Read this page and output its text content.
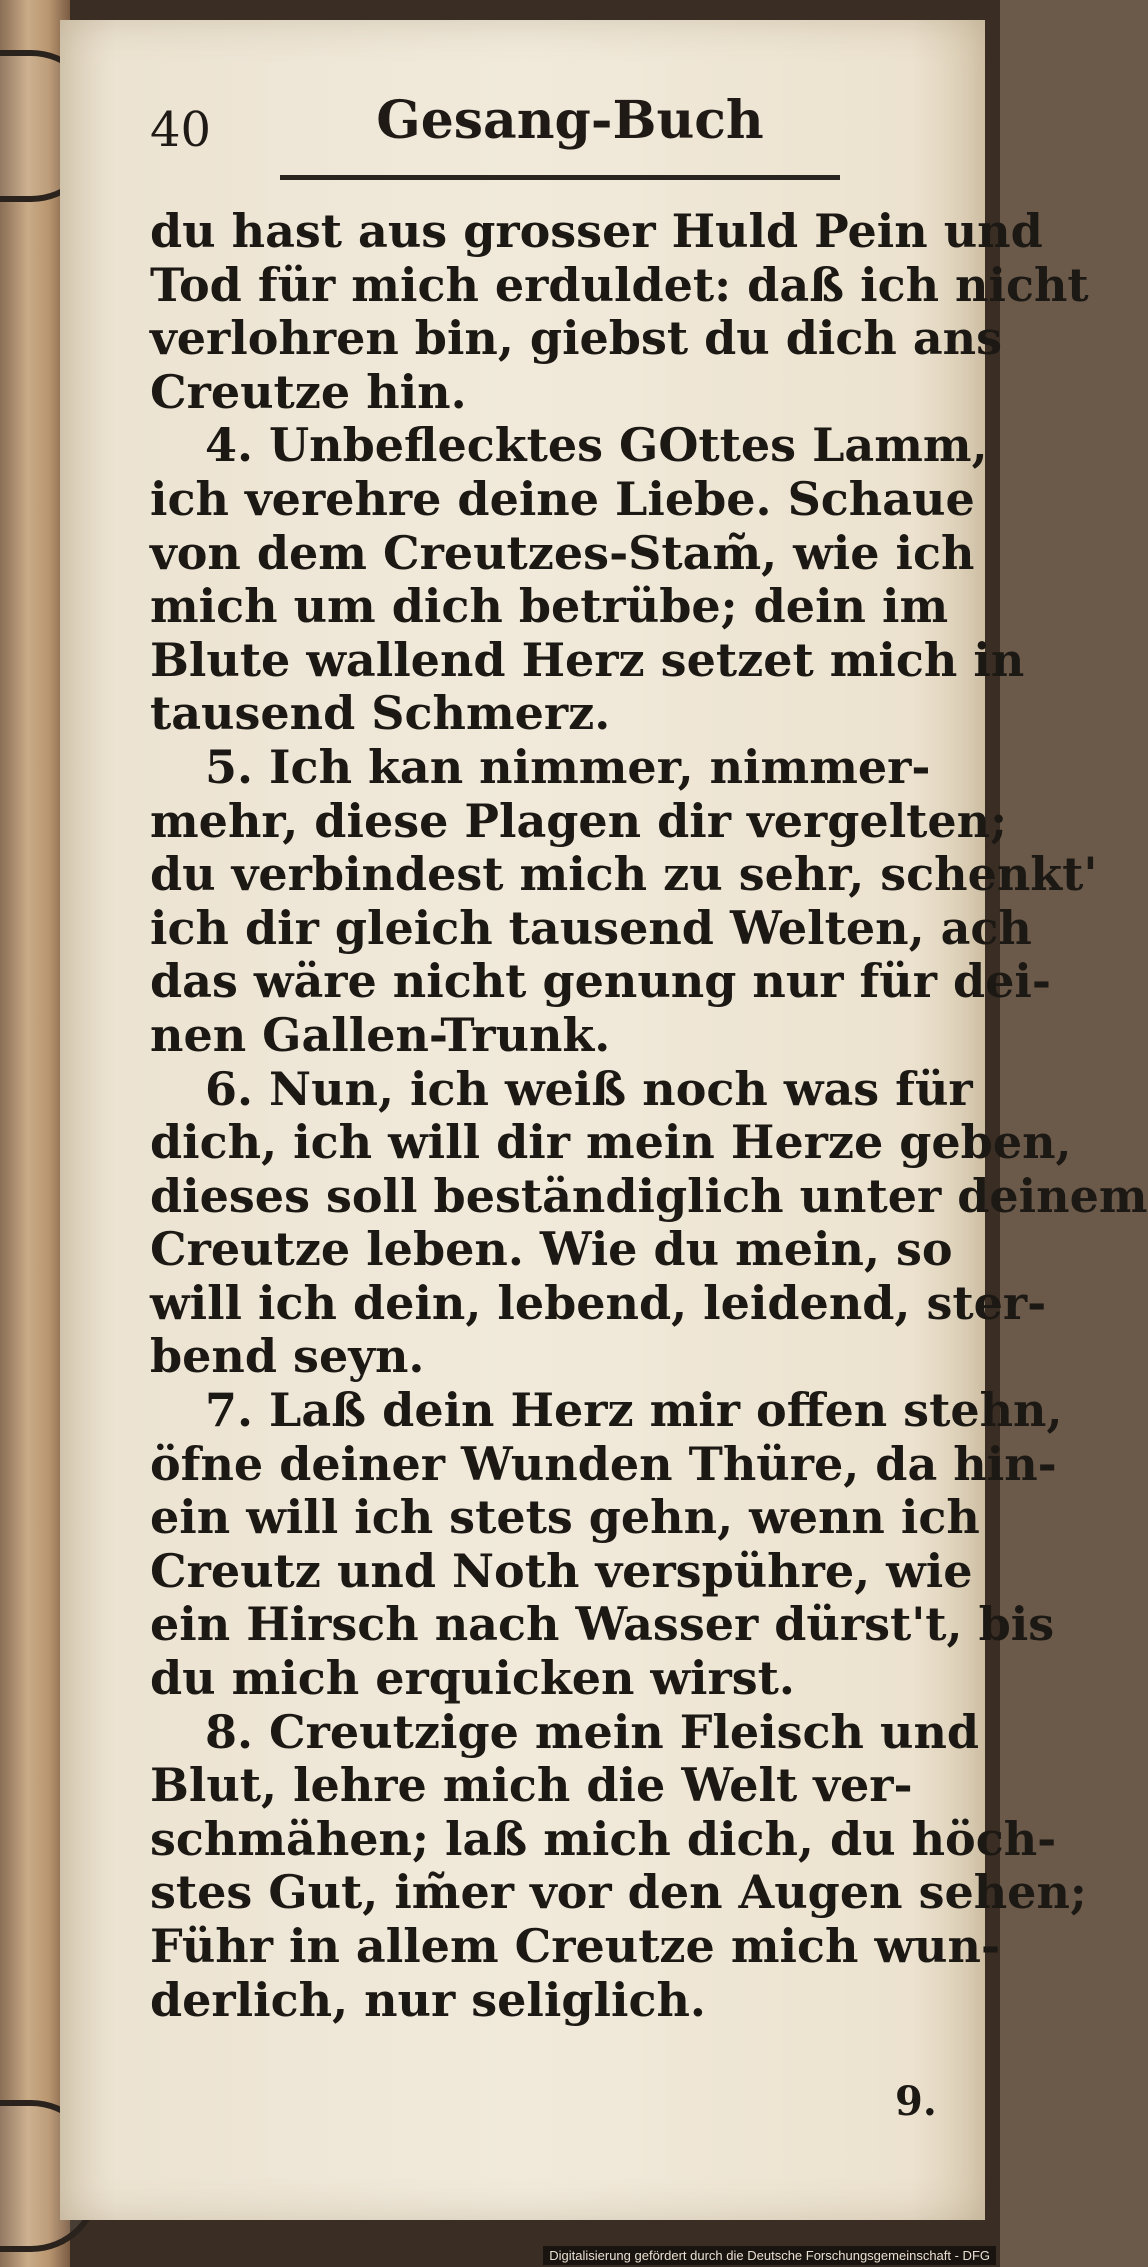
40	Gesang-Buch
du hast aus grosser Huld Pein und
Tod für mich erduldet: daß ich nicht
verlohren bin, giebst du dich ans
Creutze hin.
4. Unbeflecktes GOttes Lamm,
ich verehre deine Liebe. Schaue
von dem Creutzes-Stam̃, wie ich
mich um dich betrübe; dein im
Blute wallend Herz setzet mich in
tausend Schmerz.
5. Ich kan nimmer, nimmer-
mehr, diese Plagen dir vergelten;
du verbindest mich zu sehr, schenkt'
ich dir gleich tausend Welten, ach
das wäre nicht genung nur für dei-
nen Gallen-Trunk.
6. Nun, ich weiß noch was für
dich, ich will dir mein Herze geben,
dieses soll beständiglich unter deinem
Creutze leben. Wie du mein, so
will ich dein, lebend, leidend, ster-
bend seyn.
7. Laß dein Herz mir offen stehn,
öfne deiner Wunden Thüre, da hin-
ein will ich stets gehn, wenn ich
Creutz und Noth verspühre, wie
ein Hirsch nach Wasser dürst't, bis
du mich erquicken wirst.
8. Creutzige mein Fleisch und
Blut, lehre mich die Welt ver-
schmähen; laß mich dich, du höch-
stes Gut, im̃er vor den Augen sehen;
Führ in allem Creutze mich wun-
derlich, nur seliglich.
9.
Digitalisierung gefördert durch die Deutsche Forschungsgemeinschaft - DFG
